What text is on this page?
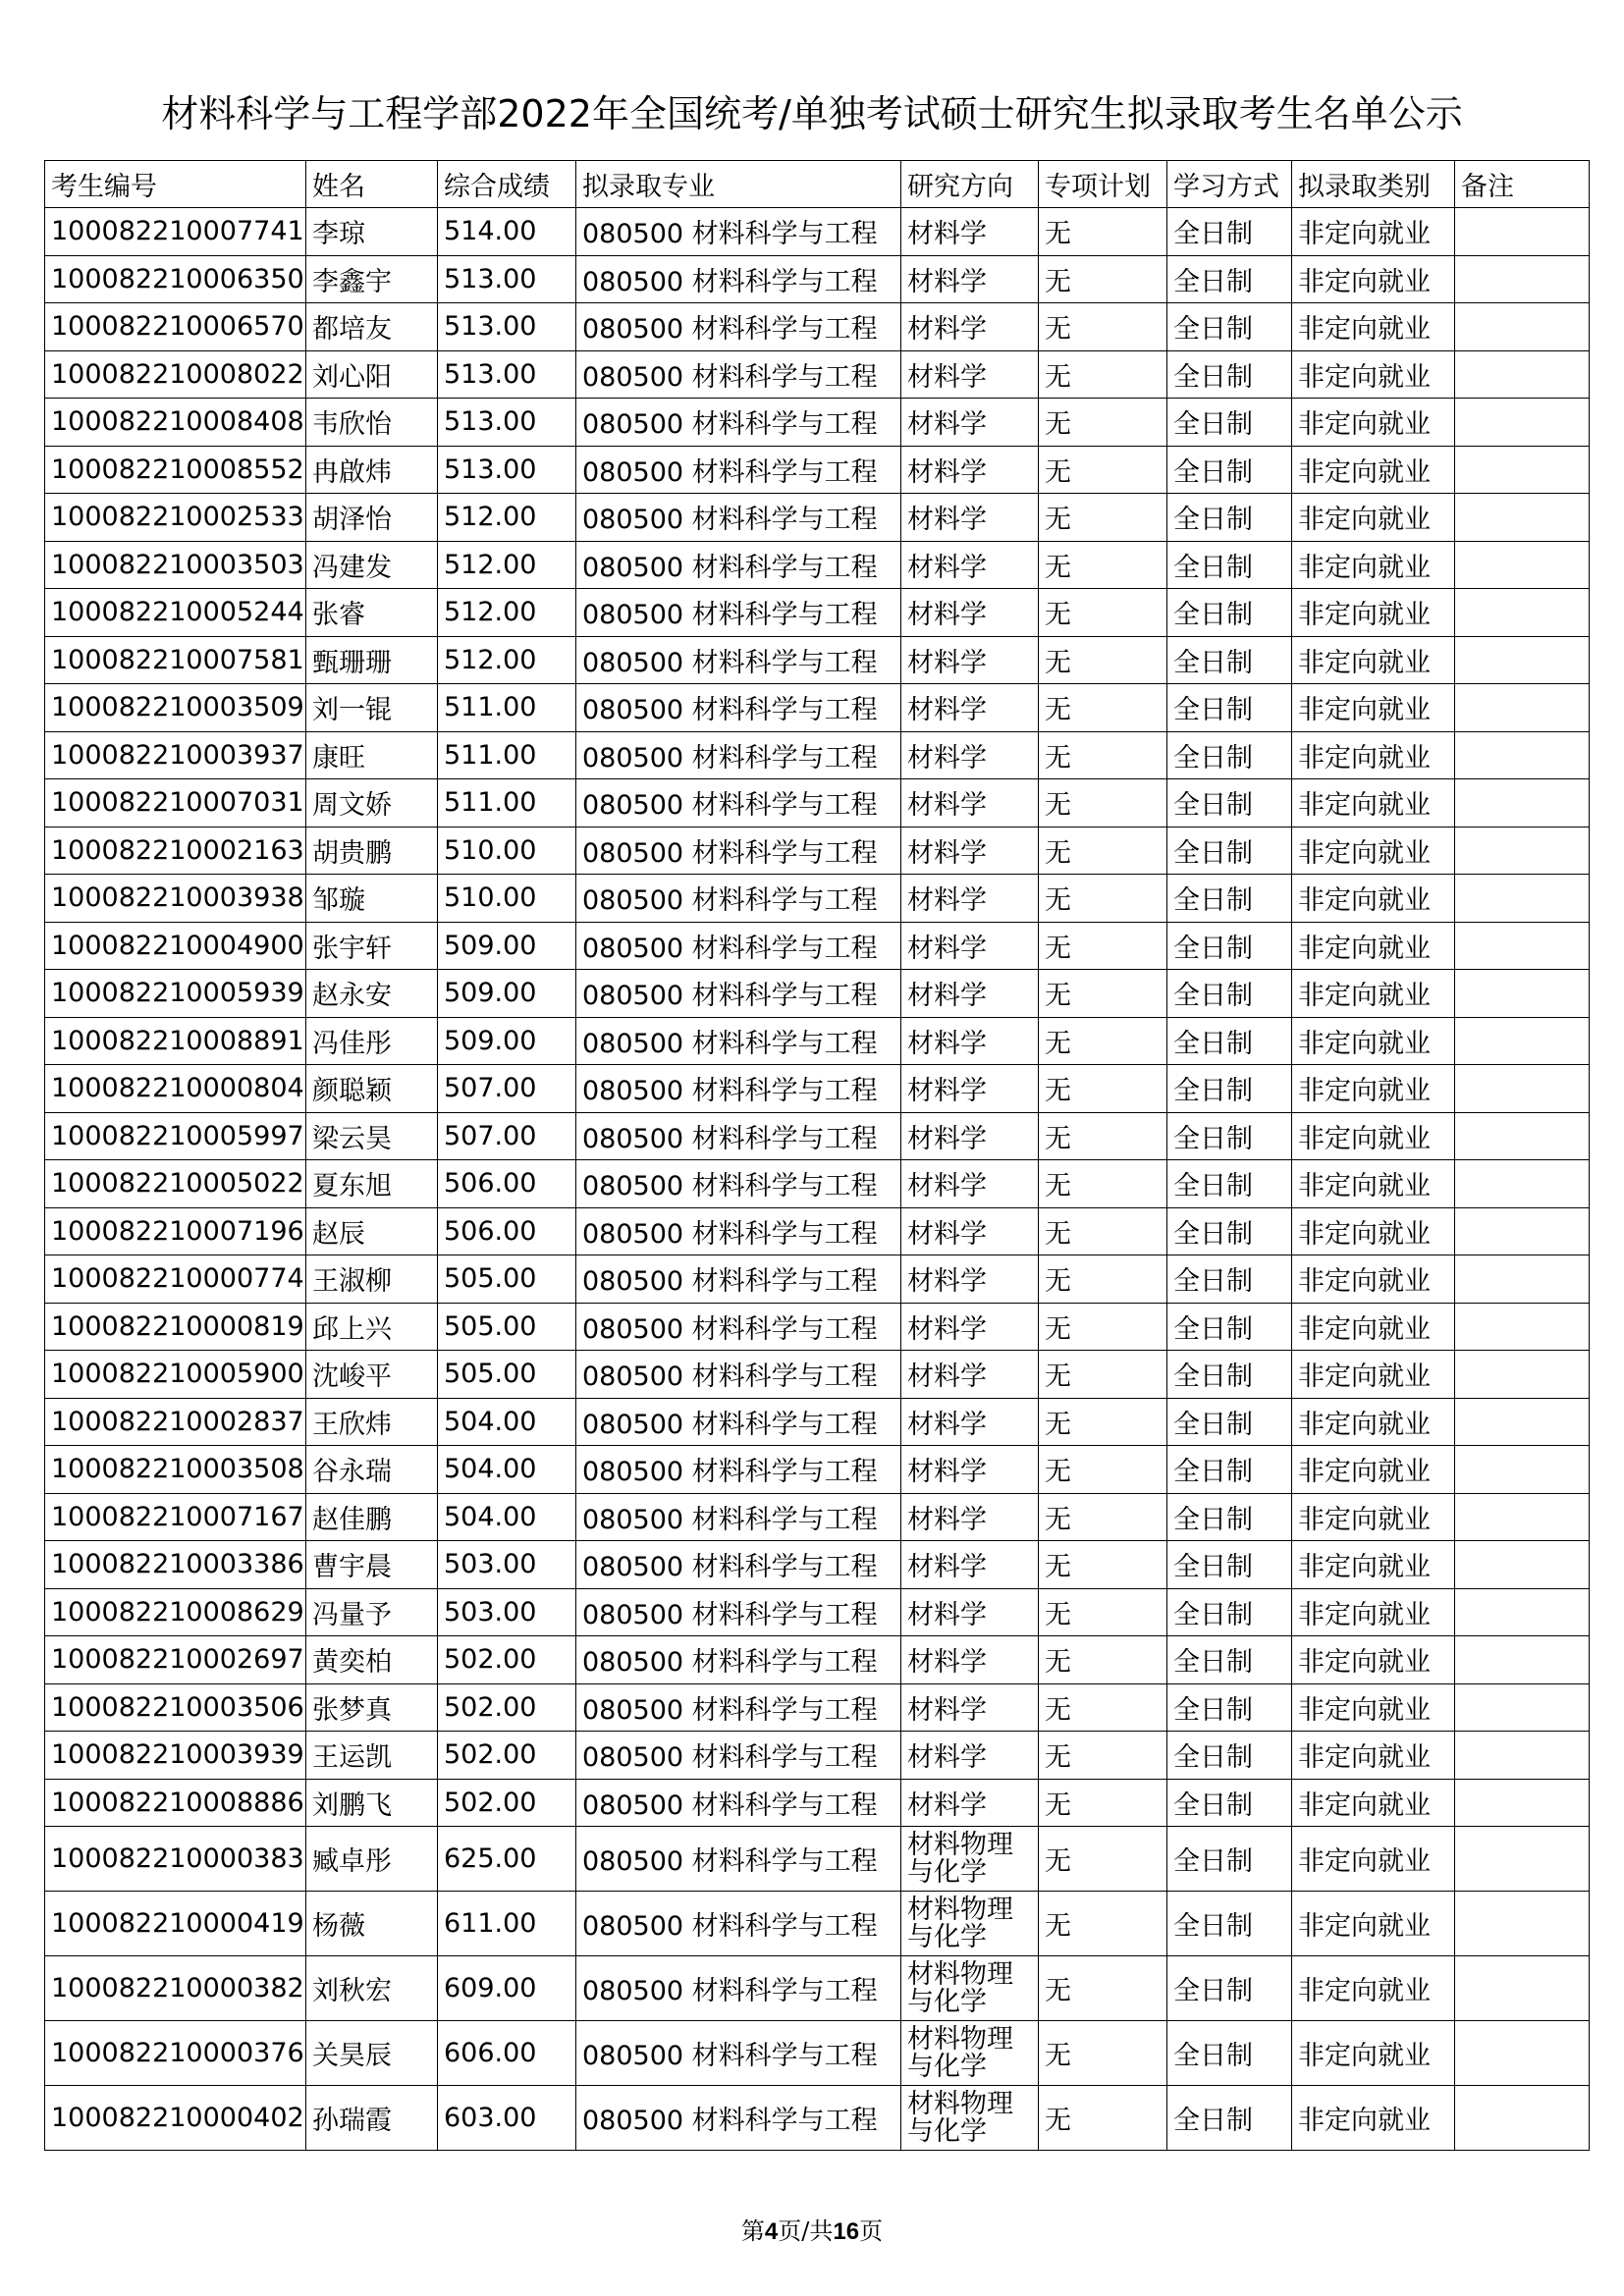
材料科学与工程学部2022年全国统考/单独考试硕士研究生拟录取考生名单公示
考生编号	姓名	综合成绩	拟录取专业	研究方向	专项计划	学习方式	拟录取类别	备注
100082210007741	李琼	514.00	080500 材料科学与工程	材料学	无	全日制	非定向就业	
100082210006350	李鑫宇	513.00	080500 材料科学与工程	材料学	无	全日制	非定向就业	
100082210006570	都培友	513.00	080500 材料科学与工程	材料学	无	全日制	非定向就业	
100082210008022	刘心阳	513.00	080500 材料科学与工程	材料学	无	全日制	非定向就业	
100082210008408	韦欣怡	513.00	080500 材料科学与工程	材料学	无	全日制	非定向就业	
100082210008552	冉啟炜	513.00	080500 材料科学与工程	材料学	无	全日制	非定向就业	
100082210002533	胡泽怡	512.00	080500 材料科学与工程	材料学	无	全日制	非定向就业	
100082210003503	冯建发	512.00	080500 材料科学与工程	材料学	无	全日制	非定向就业	
100082210005244	张睿	512.00	080500 材料科学与工程	材料学	无	全日制	非定向就业	
100082210007581	甄珊珊	512.00	080500 材料科学与工程	材料学	无	全日制	非定向就业	
100082210003509	刘一锟	511.00	080500 材料科学与工程	材料学	无	全日制	非定向就业	
100082210003937	康旺	511.00	080500 材料科学与工程	材料学	无	全日制	非定向就业	
100082210007031	周文娇	511.00	080500 材料科学与工程	材料学	无	全日制	非定向就业	
100082210002163	胡贵鹏	510.00	080500 材料科学与工程	材料学	无	全日制	非定向就业	
100082210003938	邹璇	510.00	080500 材料科学与工程	材料学	无	全日制	非定向就业	
100082210004900	张宇轩	509.00	080500 材料科学与工程	材料学	无	全日制	非定向就业	
100082210005939	赵永安	509.00	080500 材料科学与工程	材料学	无	全日制	非定向就业	
100082210008891	冯佳彤	509.00	080500 材料科学与工程	材料学	无	全日制	非定向就业	
100082210000804	颜聪颖	507.00	080500 材料科学与工程	材料学	无	全日制	非定向就业	
100082210005997	梁云昊	507.00	080500 材料科学与工程	材料学	无	全日制	非定向就业	
100082210005022	夏东旭	506.00	080500 材料科学与工程	材料学	无	全日制	非定向就业	
100082210007196	赵辰	506.00	080500 材料科学与工程	材料学	无	全日制	非定向就业	
100082210000774	王淑柳	505.00	080500 材料科学与工程	材料学	无	全日制	非定向就业	
100082210000819	邱上兴	505.00	080500 材料科学与工程	材料学	无	全日制	非定向就业	
100082210005900	沈峻平	505.00	080500 材料科学与工程	材料学	无	全日制	非定向就业	
100082210002837	王欣炜	504.00	080500 材料科学与工程	材料学	无	全日制	非定向就业	
100082210003508	谷永瑞	504.00	080500 材料科学与工程	材料学	无	全日制	非定向就业	
100082210007167	赵佳鹏	504.00	080500 材料科学与工程	材料学	无	全日制	非定向就业	
100082210003386	曹宇晨	503.00	080500 材料科学与工程	材料学	无	全日制	非定向就业	
100082210008629	冯量予	503.00	080500 材料科学与工程	材料学	无	全日制	非定向就业	
100082210002697	黄奕柏	502.00	080500 材料科学与工程	材料学	无	全日制	非定向就业	
100082210003506	张梦真	502.00	080500 材料科学与工程	材料学	无	全日制	非定向就业	
100082210003939	王运凯	502.00	080500 材料科学与工程	材料学	无	全日制	非定向就业	
100082210008886	刘鹏飞	502.00	080500 材料科学与工程	材料学	无	全日制	非定向就业	
100082210000383	臧卓彤	625.00	080500 材料科学与工程	材料物理与化学	无	全日制	非定向就业	
100082210000419	杨薇	611.00	080500 材料科学与工程	材料物理与化学	无	全日制	非定向就业	
100082210000382	刘秋宏	609.00	080500 材料科学与工程	材料物理与化学	无	全日制	非定向就业	
100082210000376	关昊辰	606.00	080500 材料科学与工程	材料物理与化学	无	全日制	非定向就业	
100082210000402	孙瑞霞	603.00	080500 材料科学与工程	材料物理与化学	无	全日制	非定向就业	
第4页/共16页
